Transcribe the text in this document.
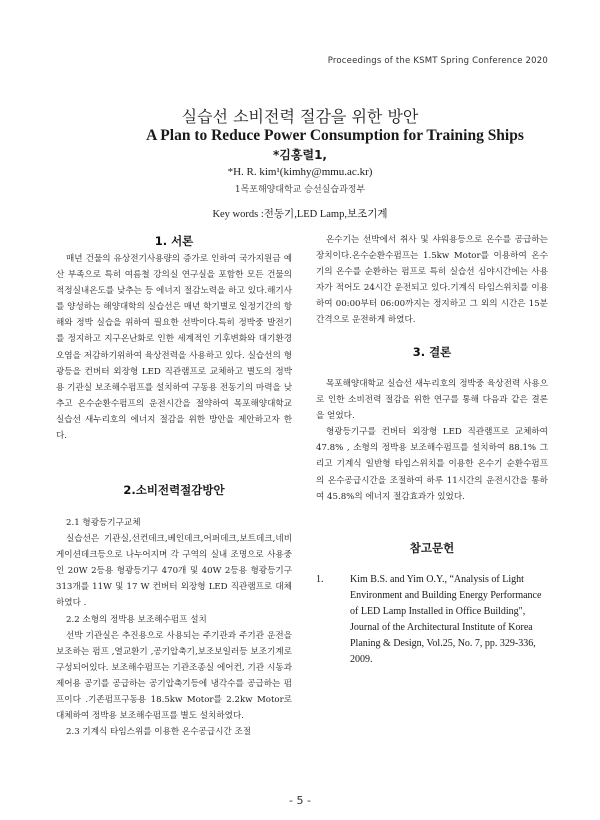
Proceedings of the KSMT Spring Conference 2020
실습선 소비전력 절감을 위한 방안
A Plan to Reduce Power Consumption for Training Ships
*김홍렬1,
*H. R. kim¹(kimhy@mmu.ac.kr)
1목포해양대학교 승선실습과정부
Key words :전동기,LED Lamp,보조기계
1. 서론

매년 건물의 유상전기사용량의 증가로 인하여 국가지원금 예산 부족으로 특히 여름철 강의실 연구실을 포함한 모든 건물의 적정실내온도를 낮추는 등 에너지 절감노력을 하고 있다.해기사를 양성하는 해양대학의 실습선은 매년 학기별로 일정기간의 항해와 정박 실습을 위하여 필요한 선박이다.특히 정박중 발전기를 정지하고 지구온난화로 인한 세계적인 기후변화와 대기환경오염을 저감하기위하여 육상전력을 사용하고 있다. 실습선의 형광등을 컨버터 외장형 LED 직관램프로 교체하고 별도의 정박용 기관실 보조해수펌프를 설치하여 구동용 전동기의 마력을 낮추고 온수순환수펌프의 운전시간을 절약하여 목포해양대학교 실습선 새누리호의 에너지 절감을 위한 방안을 제안하고자 한다.

2.소비전력절감방안

2.1 형광등기구교체

실습선은 기관실,선컨데크,베인데크,어퍼데크,보트데크,네비게이션데크등으로 나누어지며 각 구역의 실내 조명으로 사용중인 20W 2등용 형광등기구 470개 및 40W 2등용 형광등기구 313개를 11W 및 17 W 컨버터 외장형 LED 직관램프로 대체하였다 .

2.2 소형의 정박용 보조해수펌프 설치

선박 기관실은 추진용으로 사용되는 주기관과 주기관 운전을 보조하는 펌프 ,열교환기 ,공기압축기,보조보일러등 보조기계로 구성되어있다. 보조해수펌프는 기관조종실 에어컨, 기관 시동과 제어용 공기를 공급하는 공기압축기등에 냉각수를 공급하는 펌프이다 .기존펌프구동용 18.5kw Motor를 2.2kw Motor로 대체하여 정박용 보조해수펌프를 별도 설치하였다.

2.3 기계식 타임스위를 이용한 온수공급시간 조절

온수기는 선박에서 취사 및 샤워용등으로 온수를 공급하는 장치이다.온수순환수펌프는 1.5kw Motor를 이용하여 온수기의 온수를 순환하는 펌프로 특히 실습선 심야시간에는 사용자가 적어도 24시간 운전되고 있다.기계식 타임스위치를 이용하여 00:00부터 06:00까지는 정지하고 그 외의 시간은 15분 간격으로 운전하게 하였다.

3. 결론

목포해양대학교 실습선 새누리호의 정박중 육상전력 사용으로 인한 소비전력 절감을 위한 연구를 통해 다음과 같은 결론을 얻었다.

형광등기구를 컨버터 외장형 LED 직관램프로 교체하여 47.8% , 소형의 정박용 보조해수펌프를 설치하여 88.1% 그리고 기계식 일반형 타임스위치를 이용한 온수기 순환수펌프의 온수공급시간을 조절하여 하루 11시간의 운전시간을 통하여 45.8%의 에너지 절감효과가 있었다.

참고문헌
1.	Kim B.S. and Yim O.Y., “Analysis of Light Environment and Building Energy Performance of LED Lamp Installed in Office Building", Journal of the Architectural Institute of Korea Planing & Design, Vol.25, No. 7, pp. 329-336, 2009.
- 5 -
